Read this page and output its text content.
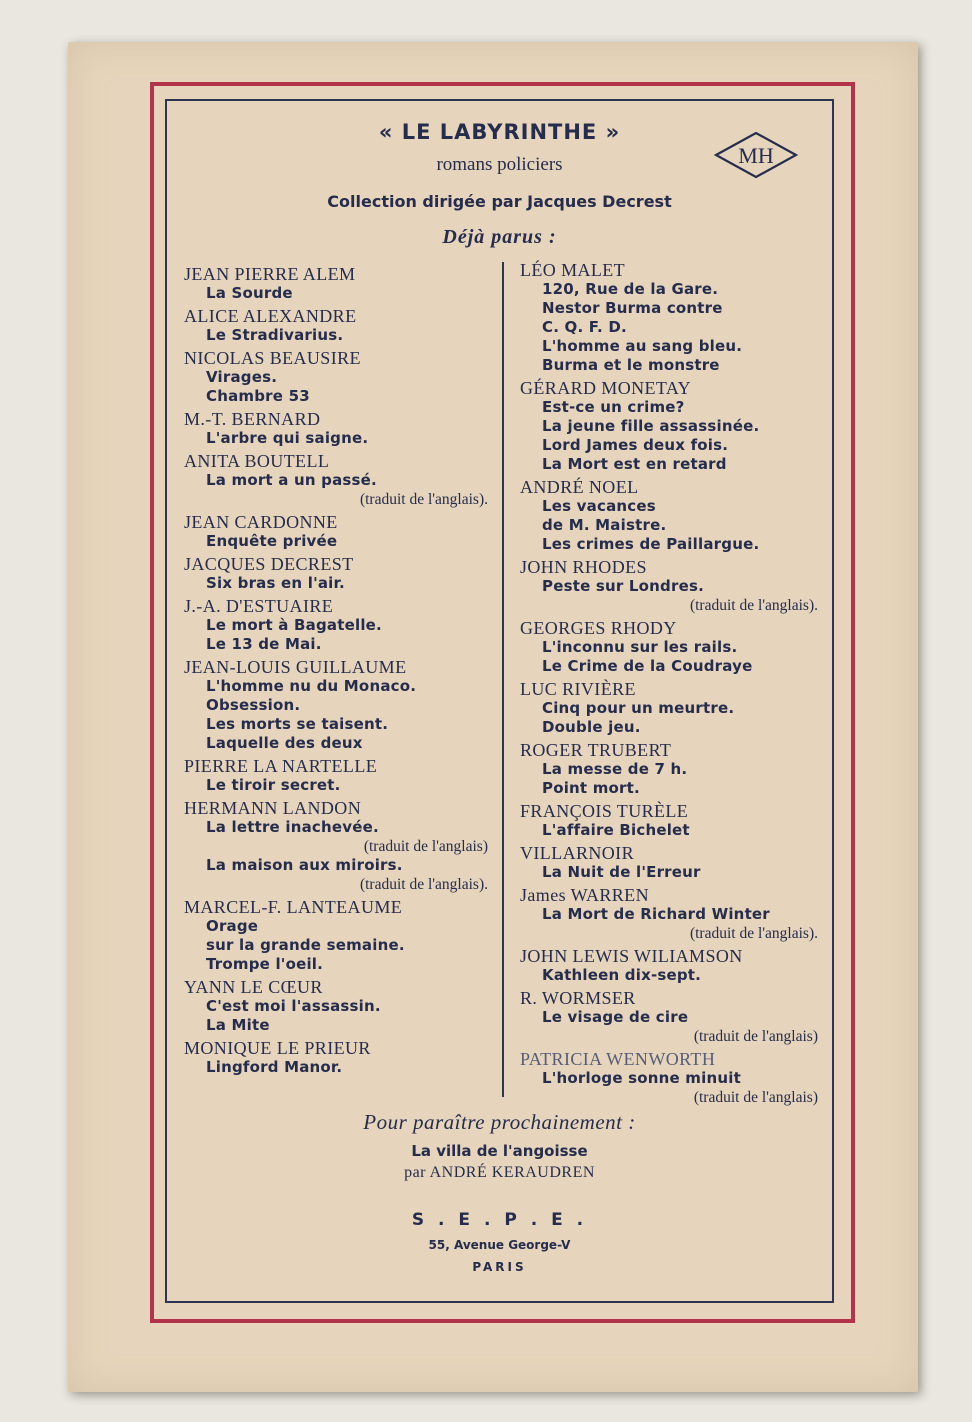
« LE LABYRINTHE »
romans policiers
Collection dirigée par Jacques Decrest
Déjà parus :
MH
JEAN PIERRE ALEM
La Sourde
ALICE ALEXANDRE
Le Stradivarius.
NICOLAS BEAUSIRE
Virages.
Chambre 53
M.-T. BERNARD
L'arbre qui saigne.
ANITA BOUTELL
La mort a un passé.
(traduit de l'anglais).
JEAN CARDONNE
Enquête privée
JACQUES DECREST
Six bras en l'air.
J.-A. D'ESTUAIRE
Le mort à Bagatelle.
Le 13 de Mai.
JEAN-LOUIS GUILLAUME
L'homme nu du Monaco.
Obsession.
Les morts se taisent.
Laquelle des deux
PIERRE LA NARTELLE
Le tiroir secret.
HERMANN LANDON
La lettre inachevée.
(traduit de l'anglais)
La maison aux miroirs.
(traduit de l'anglais).
MARCEL-F. LANTEAUME
Orage
sur la grande semaine.
Trompe l'oeil.
YANN LE CŒUR
C'est moi l'assassin.
La Mite
MONIQUE LE PRIEUR
Lingford Manor.
LÉO MALET
120, Rue de la Gare.
Nestor Burma contre
C. Q. F. D.
L'homme au sang bleu.
Burma et le monstre
GÉRARD MONETAY
Est-ce un crime?
La jeune fille assassinée.
Lord James deux fois.
La Mort est en retard
ANDRÉ NOEL
Les vacances
de M. Maistre.
Les crimes de Paillargue.
JOHN RHODES
Peste sur Londres.
(traduit de l'anglais).
GEORGES RHODY
L'inconnu sur les rails.
Le Crime de la Coudraye
LUC RIVIÈRE
Cinq pour un meurtre.
Double jeu.
ROGER TRUBERT
La messe de 7 h.
Point mort.
FRANÇOIS TURÈLE
L'affaire Bichelet
VILLARNOIR
La Nuit de l'Erreur
James WARREN
La Mort de Richard Winter
(traduit de l'anglais).
JOHN LEWIS WILIAMSON
Kathleen dix-sept.
R. WORMSER
Le visage de cire
(traduit de l'anglais)
PATRICIA WENWORTH
L'horloge sonne minuit
(traduit de l'anglais)
Pour paraître prochainement :
La villa de l'angoisse
par ANDRÉ KERAUDREN
S . E . P . E .
55, Avenue George-V
PARIS
